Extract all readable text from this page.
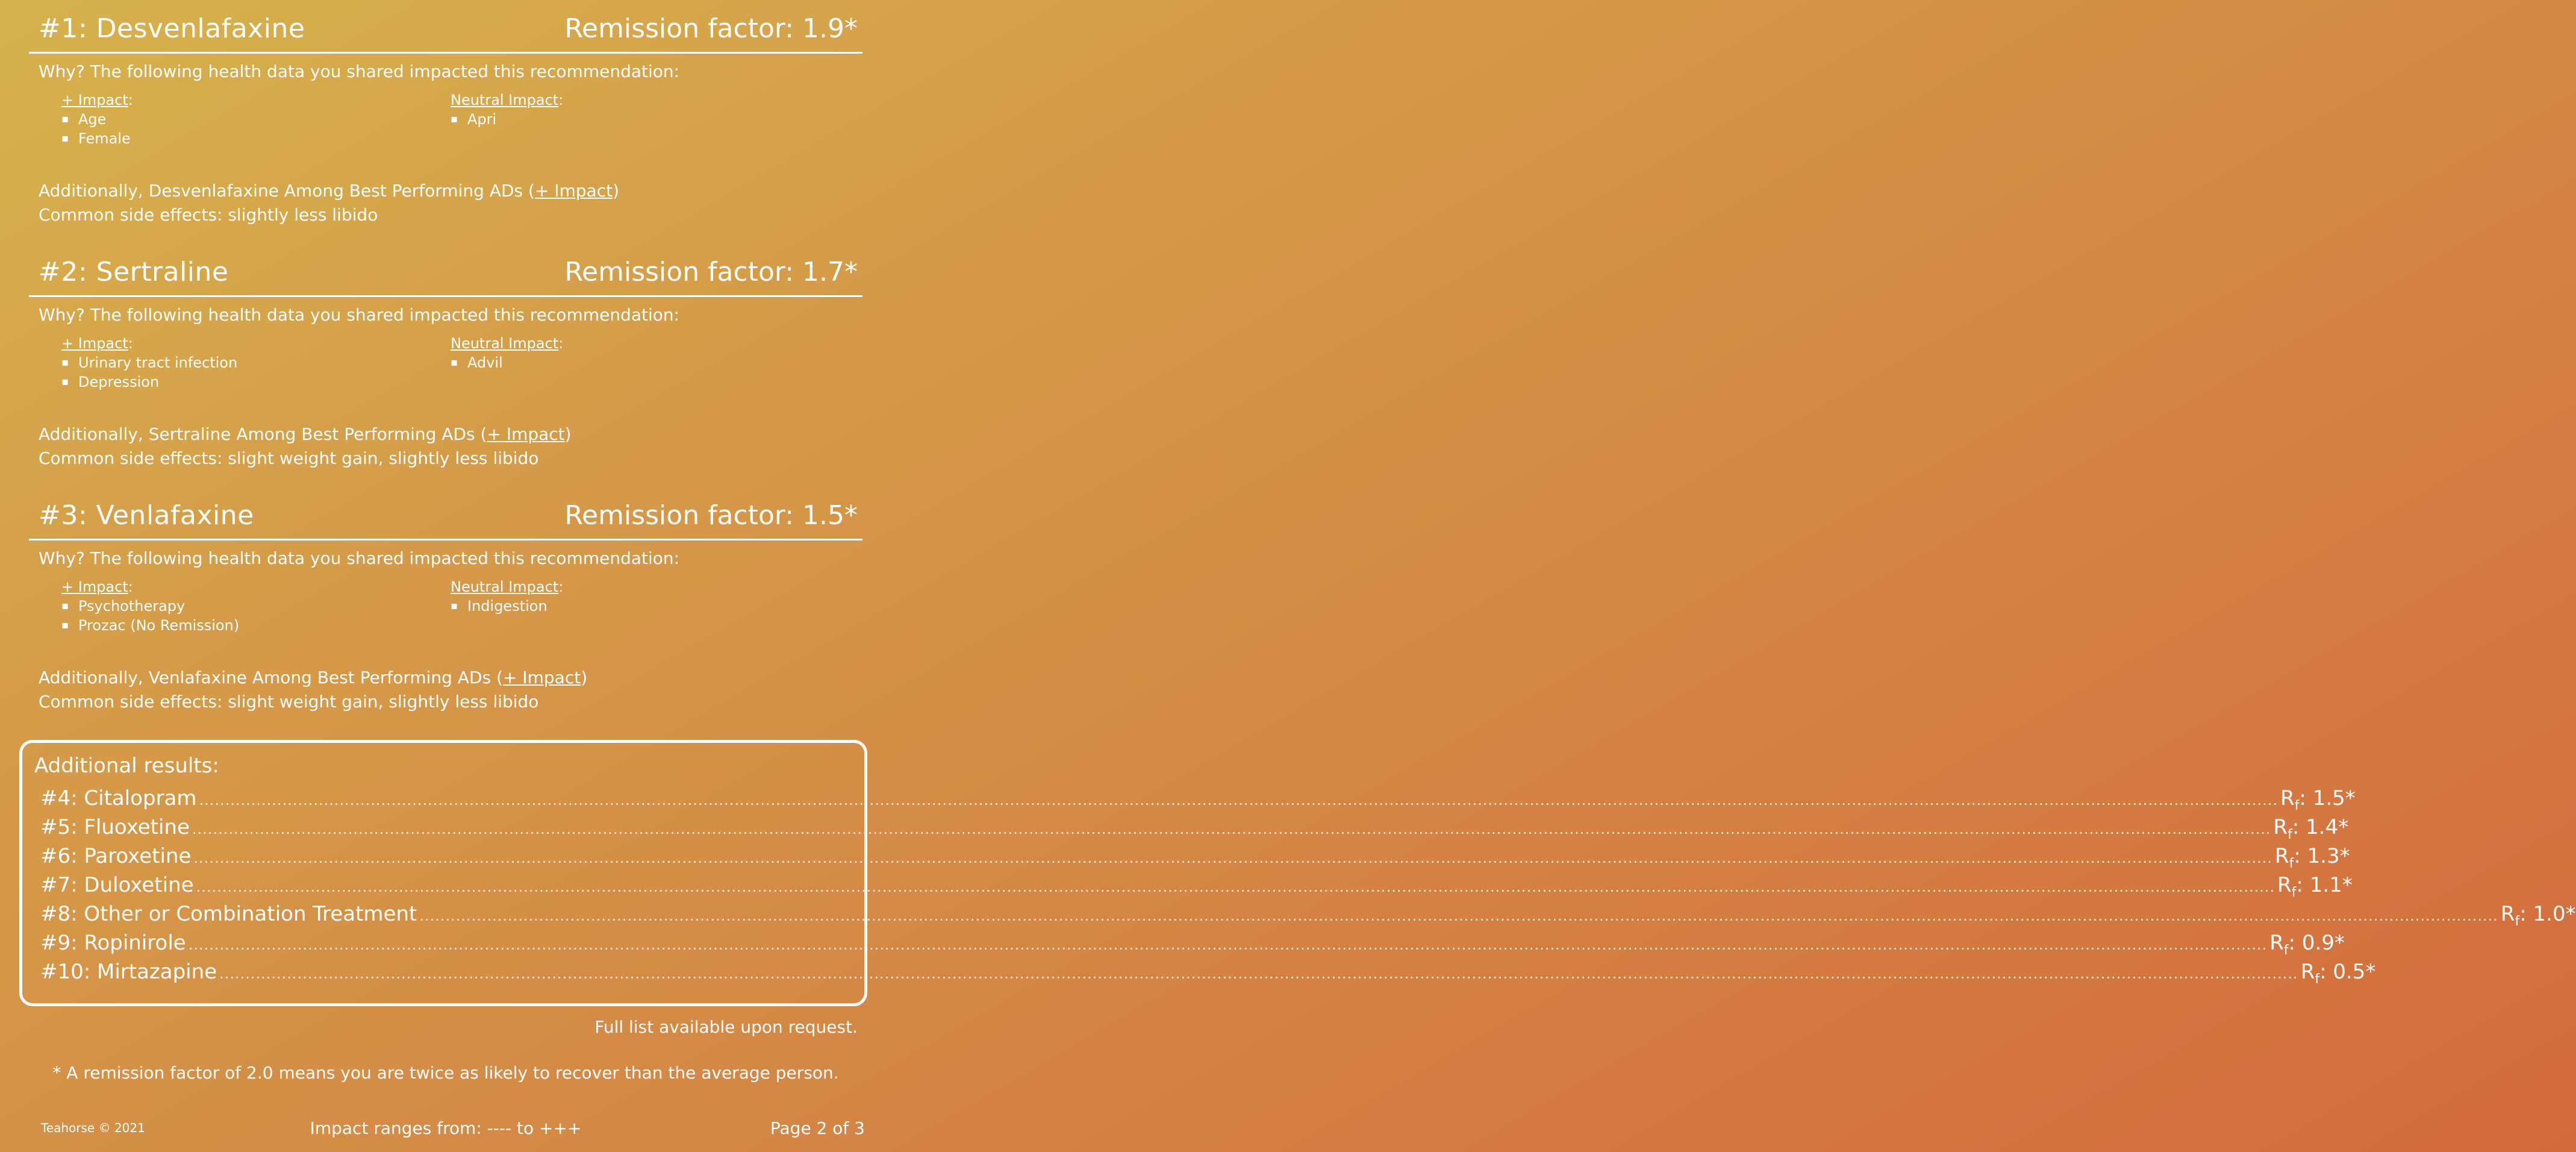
#1: Desvenlafaxine	Remission factor: 1.9*
Why? The following health data you shared impacted this recommendation:
+ Impact:
▪ Age
▪ Female
Neutral Impact:
▪ Apri
Additionally, Desvenlafaxine Among Best Performing ADs (+ Impact)
Common side effects: slightly less libido
#2: Sertraline	Remission factor: 1.7*
Why? The following health data you shared impacted this recommendation:
+ Impact:
▪ Urinary tract infection
▪ Depression
Neutral Impact:
▪ Advil
Additionally, Sertraline Among Best Performing ADs (+ Impact)
Common side effects: slight weight gain, slightly less libido
#3: Venlafaxine	Remission factor: 1.5*
Why? The following health data you shared impacted this recommendation:
+ Impact:
▪ Psychotherapy
▪ Prozac (No Remission)
Neutral Impact:
▪ Indigestion
Additionally, Venlafaxine Among Best Performing ADs (+ Impact)
Common side effects: slight weight gain, slightly less libido
Additional results:
#4: Citalopram ................................................................................................................................................................................................................................................................................................................................................................................................................ $R_f$: 1.5*
#5: Fluoxetine ................................................................................................................................................................................................................................................................................................................................................................................................................ $R_f$: 1.4*
#6: Paroxetine ................................................................................................................................................................................................................................................................................................................................................................................................................ $R_f$: 1.3*
#7: Duloxetine ................................................................................................................................................................................................................................................................................................................................................................................................................ $R_f$: 1.1*
#8: Other or Combination Treatment ................................................................................................................................................................................................................................................................................................................................................................................................................ $R_f$: 1.0*
#9: Ropinirole ................................................................................................................................................................................................................................................................................................................................................................................................................ $R_f$: 0.9*
#10: Mirtazapine ................................................................................................................................................................................................................................................................................................................................................................................................................ $R_f$: 0.5*
Full list available upon request.
* A remission factor of 2.0 means you are twice as likely to recover than the average person.
Teahorse © 2021	Impact ranges from: ---- to +++	Page 2 of 3
